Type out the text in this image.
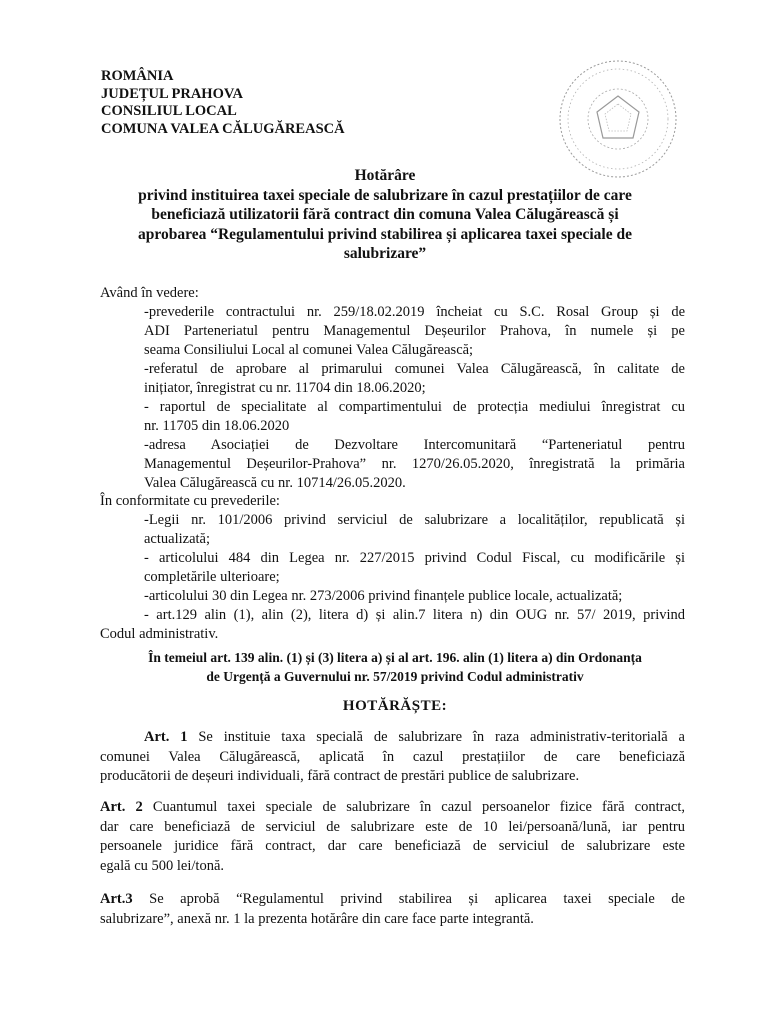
ROMÂNIA
JUDEȚUL PRAHOVA
CONSILIUL LOCAL
COMUNA VALEA CĂLUGĂREASCĂ
Hotărâre
privind instituirea taxei speciale de salubrizare în cazul prestațiilor de care
beneficiază utilizatorii fără contract din comuna Valea Călugărească și
aprobarea “Regulamentului privind stabilirea și aplicarea taxei speciale de
salubrizare”
Având în vedere:
-prevederile contractului nr. 259/18.02.2019 încheiat cu S.C. Rosal Group și de
ADI Parteneriatul pentru Managementul Deșeurilor Prahova, în numele și pe
seama Consiliului Local al comunei Valea Călugărească;
-referatul de aprobare al primarului comunei Valea Călugărească, în calitate de
inițiator, înregistrat cu nr. 11704 din 18.06.2020;
- raportul de specialitate al compartimentului de protecția mediului înregistrat cu
nr. 11705 din 18.06.2020
-adresa Asociației de Dezvoltare Intercomunitară “Parteneriatul pentru
Managementul Deșeurilor-Prahova” nr. 1270/26.05.2020, înregistrată la primăria
Valea Călugărească cu nr. 10714/26.05.2020.
În conformitate cu prevederile:
-Legii nr. 101/2006 privind serviciul de salubrizare a localităților, republicată și
actualizată;
- articolului 484 din Legea nr. 227/2015 privind Codul Fiscal, cu modificările și
completările ulterioare;
-articolului 30 din Legea nr. 273/2006 privind finanțele publice locale, actualizată;
- art.129 alin (1), alin (2), litera d) și alin.7 litera n) din OUG nr. 57/ 2019, privind
Codul administrativ.
În temeiul art. 139 alin. (1) și (3) litera a) și al art. 196. alin (1) litera a) din Ordonanța
de Urgență a Guvernului nr. 57/2019 privind Codul administrativ
HOTĂRĂȘTE:
Art. 1 Se instituie taxa specială de salubrizare în raza administrativ-teritorială a
comunei Valea Călugărească, aplicată în cazul prestațiilor de care beneficiază
producătorii de deșeuri individuali, fără contract de prestări publice de salubrizare.
Art. 2 Cuantumul taxei speciale de salubrizare în cazul persoanelor fizice fără contract,
dar care beneficiază de serviciul de salubrizare este de 10 lei/persoană/lună, iar pentru
persoanele juridice fără contract, dar care beneficiază de serviciul de salubrizare este
egală cu 500 lei/tonă.
Art.3 Se aprobă “Regulamentul privind stabilirea și aplicarea taxei speciale de
salubrizare”, anexă nr. 1 la prezenta hotărâre din care face parte integrantă.
